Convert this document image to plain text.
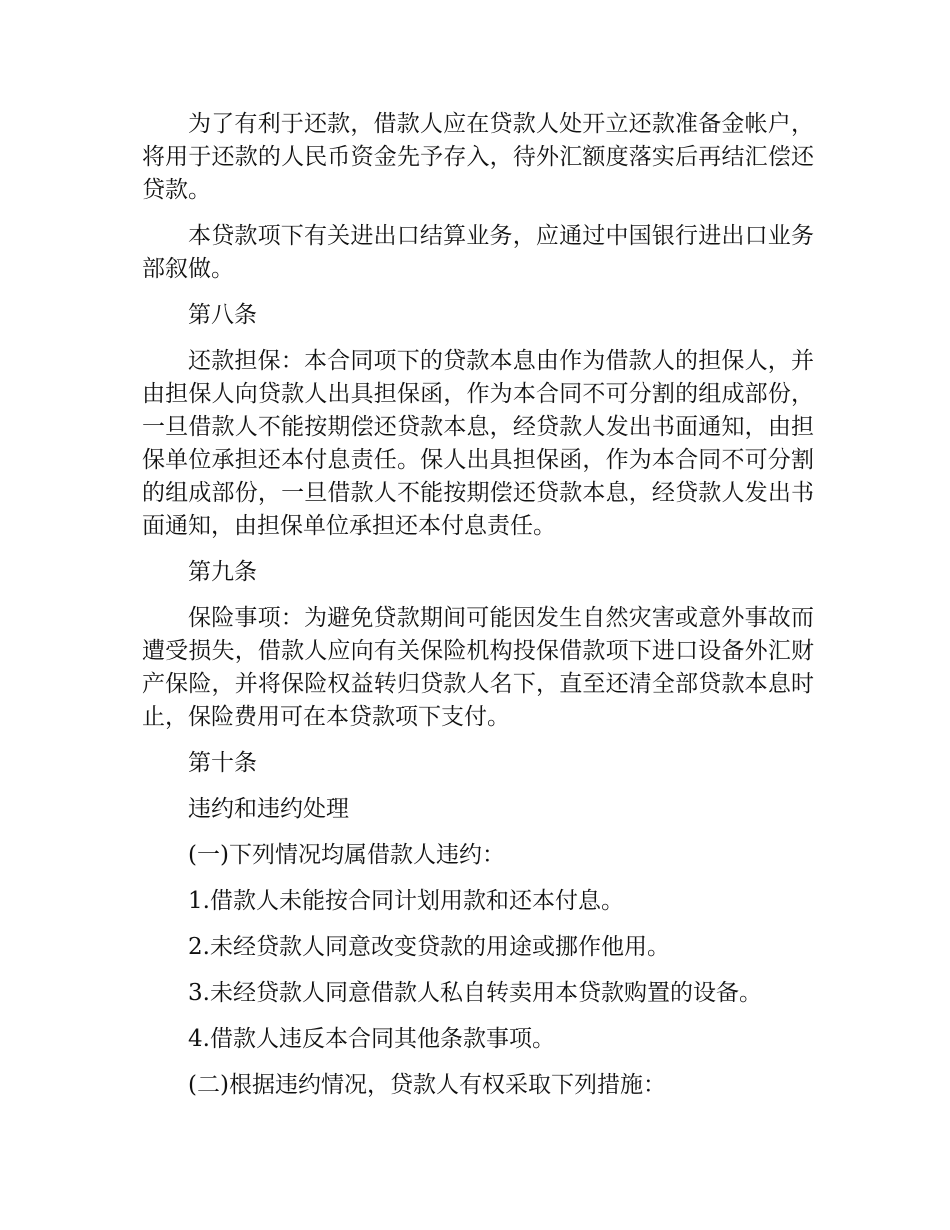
为了有利于还款，借款人应在贷款人处开立还款准备金帐户，将用于还款的人民币资金先予存入，待外汇额度落实后再结汇偿还贷款。

本贷款项下有关进出口结算业务，应通过中国银行进出口业务部叙做。

第八条

还款担保：本合同项下的贷款本息由作为借款人的担保人，并由担保人向贷款人出具担保函，作为本合同不可分割的组成部份，一旦借款人不能按期偿还贷款本息，经贷款人发出书面通知，由担保单位承担还本付息责任。保人出具担保函，作为本合同不可分割的组成部份，一旦借款人不能按期偿还贷款本息，经贷款人发出书面通知，由担保单位承担还本付息责任。

第九条

保险事项：为避免贷款期间可能因发生自然灾害或意外事故而遭受损失，借款人应向有关保险机构投保借款项下进口设备外汇财产保险，并将保险权益转归贷款人名下，直至还清全部贷款本息时止，保险费用可在本贷款项下支付。

第十条

违约和违约处理

(一)下列情况均属借款人违约：

1.借款人未能按合同计划用款和还本付息。

2.未经贷款人同意改变贷款的用途或挪作他用。

3.未经贷款人同意借款人私自转卖用本贷款购置的设备。

4.借款人违反本合同其他条款事项。

(二)根据违约情况，贷款人有权采取下列措施：
